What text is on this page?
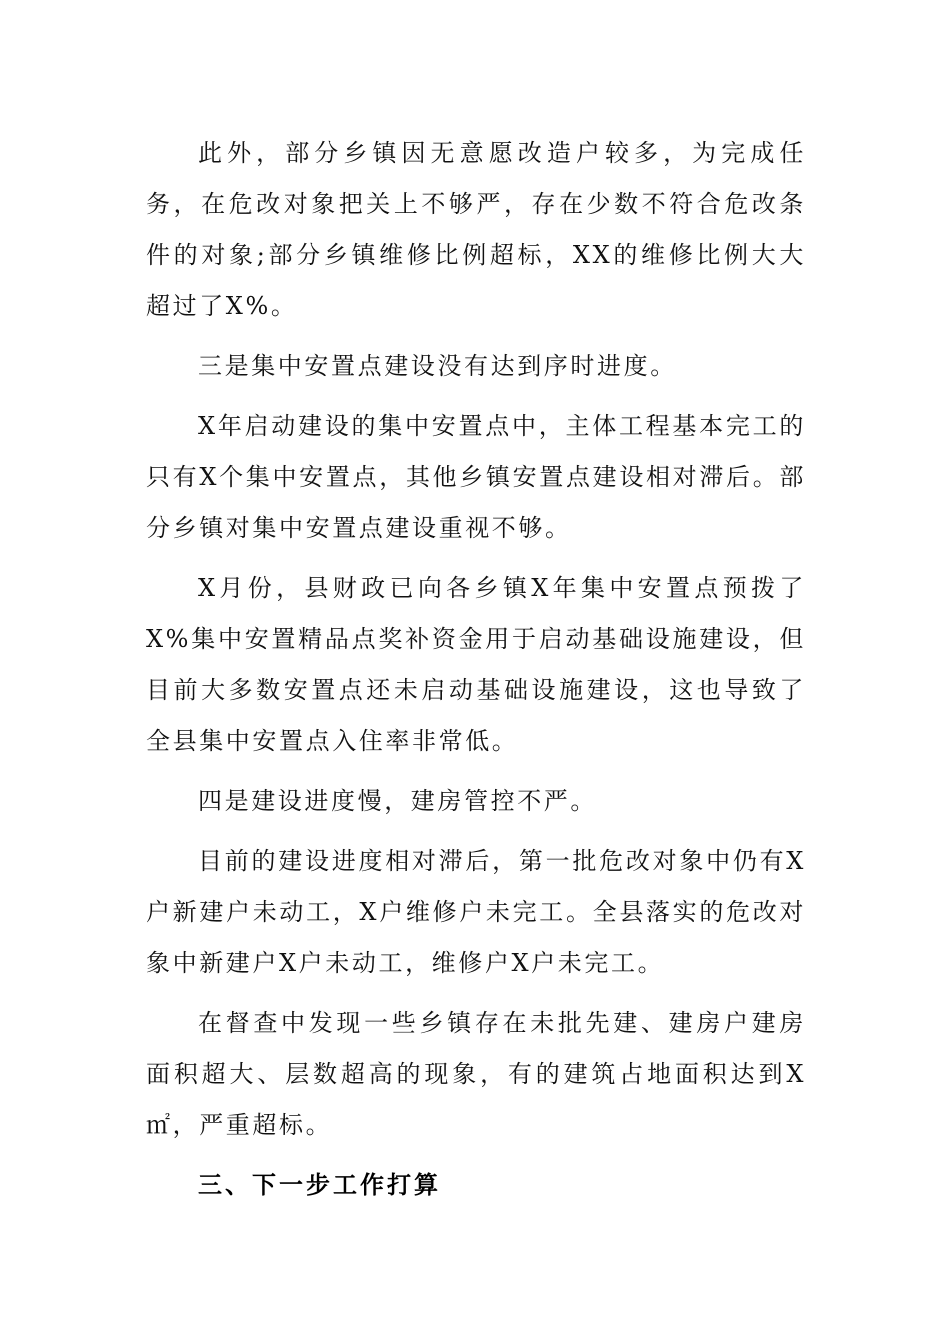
此外，部分乡镇因无意愿改造户较多，为完成任务，在危改对象把关上不够严，存在少数不符合危改条件的对象;部分乡镇维修比例超标，XX的维修比例大大超过了X%。

三是集中安置点建设没有达到序时进度。

X年启动建设的集中安置点中，主体工程基本完工的只有X个集中安置点，其他乡镇安置点建设相对滞后。部分乡镇对集中安置点建设重视不够。

X月份，县财政已向各乡镇X年集中安置点预拨了X%集中安置精品点奖补资金用于启动基础设施建设，但目前大多数安置点还未启动基础设施建设，这也导致了全县集中安置点入住率非常低。

四是建设进度慢，建房管控不严。

目前的建设进度相对滞后，第一批危改对象中仍有X户新建户未动工，X户维修户未完工。全县落实的危改对象中新建户X户未动工，维修户X户未完工。

在督查中发现一些乡镇存在未批先建、建房户建房面积超大、层数超高的现象，有的建筑占地面积达到X㎡，严重超标。

三、下一步工作打算
